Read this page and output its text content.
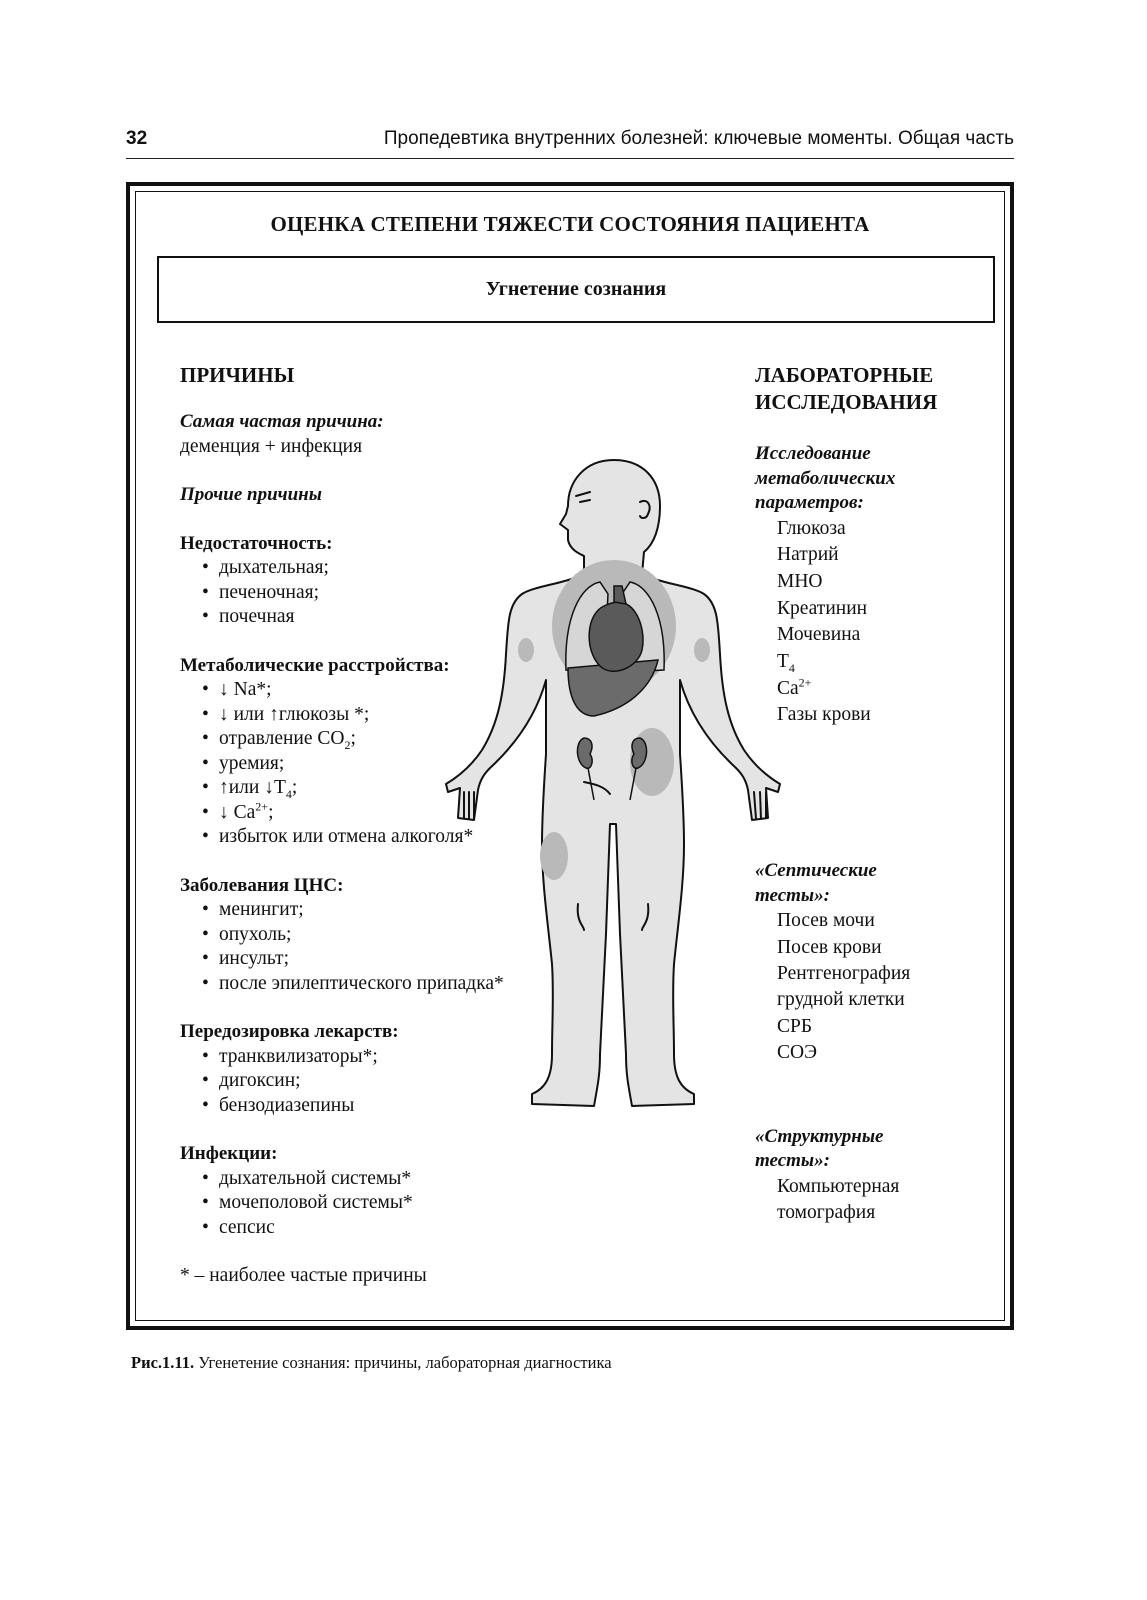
32	Пропедевтика внутренних болезней: ключевые моменты. Общая часть
ОЦЕНКА СТЕПЕНИ ТЯЖЕСТИ СОСТОЯНИЯ ПАЦИЕНТА
Угнетение сознания
ПРИЧИНЫ
Самая частая причина:
деменция + инфекция
Прочие причины
Недостаточность:
• дыхательная;
• печеночная;
• почечная
Метаболические расстройства:
• ↓ Na*;
• ↓ или ↑глюкозы *;
• отравление $CO_2$;
• уремия;
• ↑или $↓T_4$;
• ↓ $Ca^{2+}$;
• избыток или отмена алкоголя*
Заболевания ЦНС:
• менингит;
• опухоль;
• инсульт;
• после эпилептического припадка*
Передозировка лекарств:
• транквилизаторы*;
• дигоксин;
• бензодиазепины
Инфекции:
• дыхательной системы*
• мочеполовой системы*
• сепсис
* – наиболее частые причины
ЛАБОРАТОРНЫЕ
ИССЛЕДОВАНИЯ
Исследование
метаболических
параметров:
Глюкоза
Натрий
МНО
Креатинин
Мочевина
$T_4$
$Ca^{2+}$
Газы крови
«Септические
тесты»:
Посев мочи
Посев крови
Рентгенография
грудной клетки
СРБ
СОЭ
«Структурные
тесты»:
Компьютерная
томография
Рис.1.11. Угенетение сознания: причины, лабораторная диагностика
